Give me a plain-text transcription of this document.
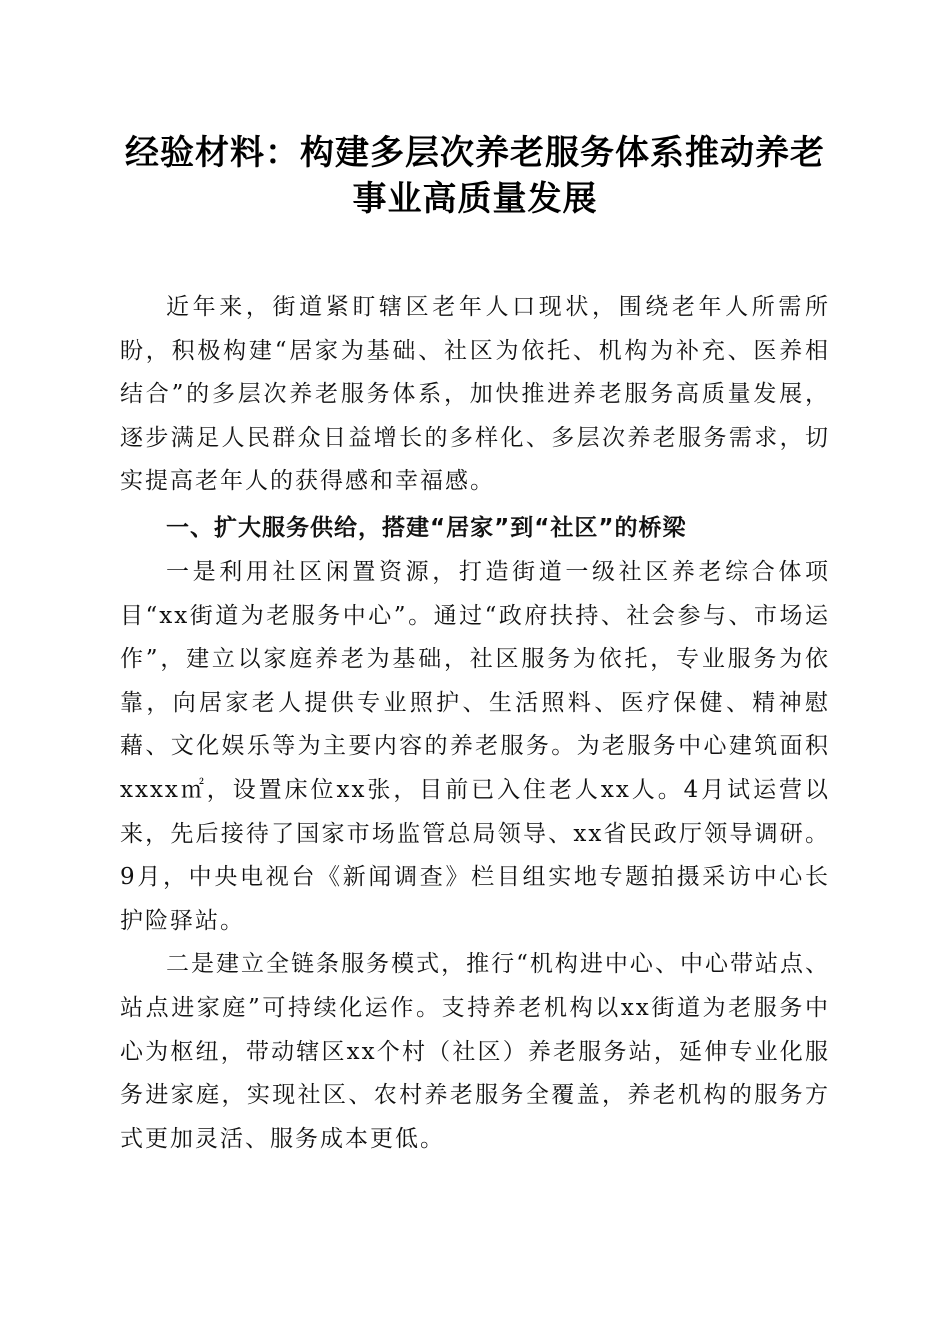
经验材料：构建多层次养老服务体系推动养老
事业高质量发展

近年来，街道紧盯辖区老年人口现状，围绕老年人所需所盼，积极构建“居家为基础、社区为依托、机构为补充、医养相结合”的多层次养老服务体系，加快推进养老服务高质量发展，逐步满足人民群众日益增长的多样化、多层次养老服务需求，切实提高老年人的获得感和幸福感。

一、扩大服务供给，搭建“居家”到“社区”的桥梁

一是利用社区闲置资源，打造街道一级社区养老综合体项目“xx街道为老服务中心”。通过“政府扶持、社会参与、市场运作”，建立以家庭养老为基础，社区服务为依托，专业服务为依靠，向居家老人提供专业照护、生活照料、医疗保健、精神慰藉、文化娱乐等为主要内容的养老服务。为老服务中心建筑面积xxxx㎡，设置床位xx张，目前已入住老人xx人。4月试运营以来，先后接待了国家市场监管总局领导、xx省民政厅领导调研。9月，中央电视台《新闻调查》栏目组实地专题拍摄采访中心长护险驿站。

二是建立全链条服务模式，推行“机构进中心、中心带站点、站点进家庭”可持续化运作。支持养老机构以xx街道为老服务中心为枢纽，带动辖区xx个村（社区）养老服务站，延伸专业化服务进家庭，实现社区、农村养老服务全覆盖，养老机构的服务方式更加灵活、服务成本更低。
